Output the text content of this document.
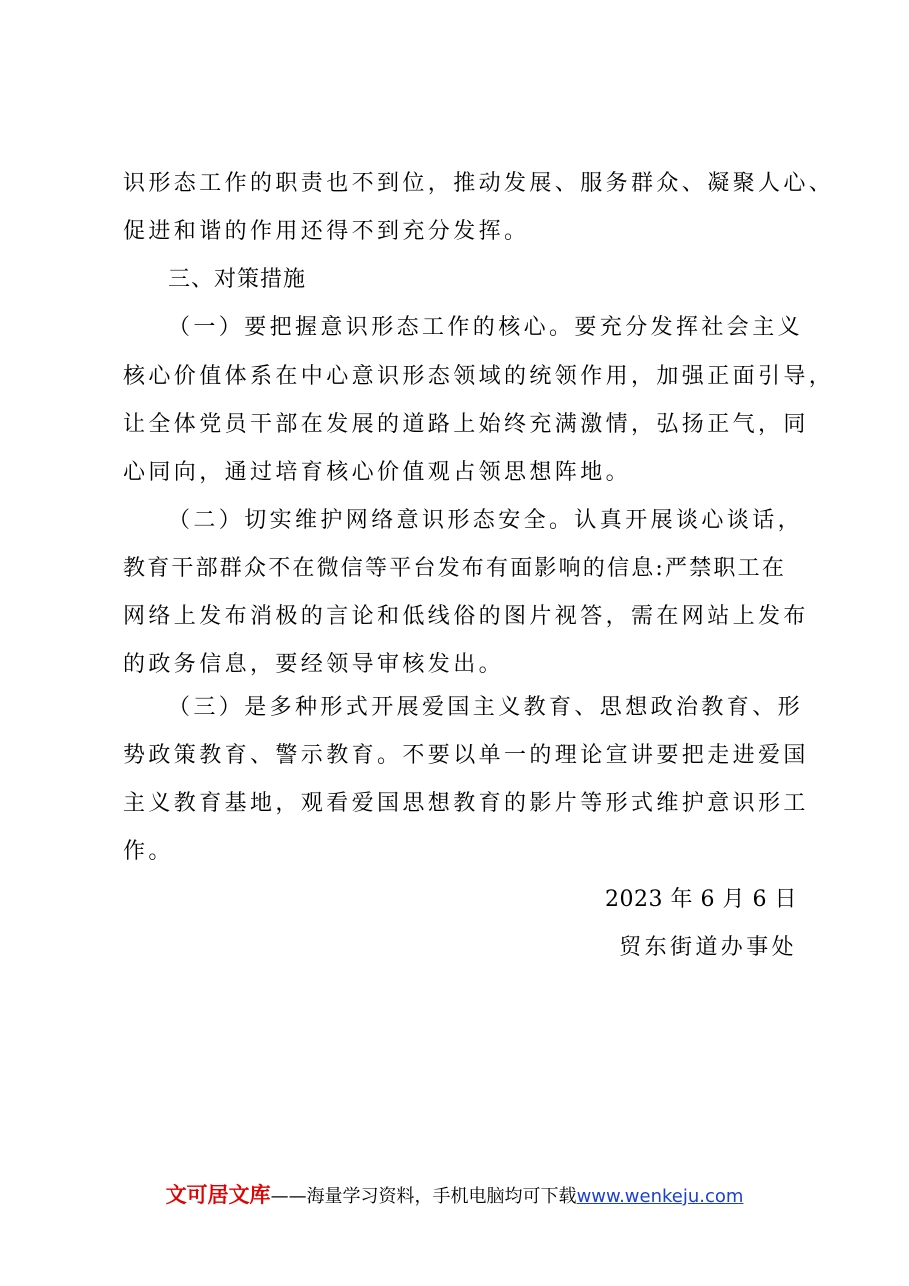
识形态工作的职责也不到位，推动发展、服务群众、凝聚人心、
促进和谐的作用还得不到充分发挥。
三、对策措施
（一）要把握意识形态工作的核心。要充分发挥社会主义
核心价值体系在中心意识形态领域的统领作用，加强正面引导，
让全体党员干部在发展的道路上始终充满激情，弘扬正气，同
心同向，通过培育核心价值观占领思想阵地。
（二）切实维护网络意识形态安全。认真开展谈心谈话，
教育干部群众不在微信等平台发布有面影响的信息:严禁职工在
网络上发布消极的言论和低线俗的图片视答，需在网站上发布
的政务信息，要经领导审核发出。
（三）是多种形式开展爱国主义教育、思想政治教育、形
势政策教育、警示教育。不要以单一的理论宣讲要把走进爱国
主义教育基地，观看爱国思想教育的影片等形式维护意识形工
作。
2023 年 6 月 6 日
贸东街道办事处
文可居文库——海量学习资料，手机电脑均可下载www.wenkeju.com
